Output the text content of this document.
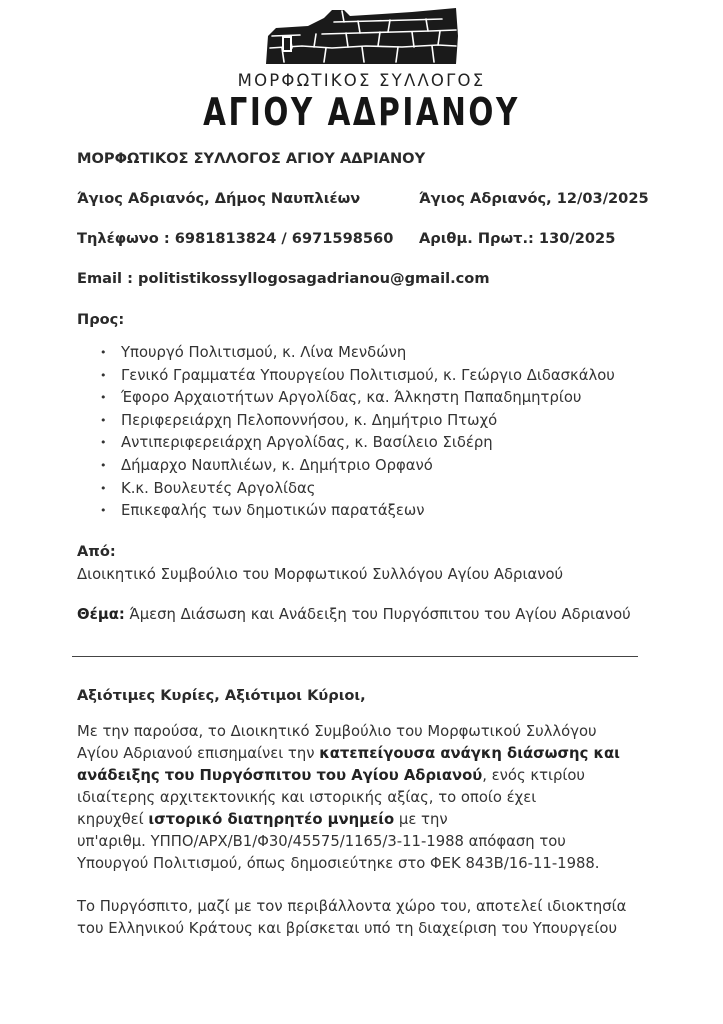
ΜΟΡΦΩΤΙΚΟΣ ΣΥΛΛΟΓΟΣ
ΑΓΙΟΥ ΑΔΡΙΑΝΟΥ
ΜΟΡΦΩΤΙΚΟΣ ΣΥΛΛΟΓΟΣ ΑΓΙΟΥ ΑΔΡΙΑΝΟΥ
Άγιος Αδριανός, Δήμος Ναυπλιέων	Άγιος Αδριανός, 12/03/2025
Τηλέφωνο : 6981813824 / 6971598560 Αριθμ. Πρωτ.: 130/2025
Email : politistikossyllogosagadrianou@gmail.com
Προς:
• Υπουργό Πολιτισμού, κ. Λίνα Μενδώνη
• Γενικό Γραμματέα Υπουργείου Πολιτισμού, κ. Γεώργιο Διδασκάλου
• Έφορο Αρχαιοτήτων Αργολίδας, κα. Άλκηστη Παπαδημητρίου
• Περιφερειάρχη Πελοποννήσου, κ. Δημήτριο Πτωχό
• Αντιπεριφερειάρχη Αργολίδας, κ. Βασίλειο Σιδέρη
• Δήμαρχο Ναυπλιέων, κ. Δημήτριο Ορφανό
• Κ.κ. Βουλευτές Αργολίδας
• Επικεφαλής των δημοτικών παρατάξεων
Από:
Διοικητικό Συμβούλιο του Μορφωτικού Συλλόγου Αγίου Αδριανού
Θέμα: Άμεση Διάσωση και Ανάδειξη του Πυργόσπιτου του Αγίου Αδριανού
Αξιότιμες Κυρίες, Αξιότιμοι Κύριοι,
Με την παρούσα, το Διοικητικό Συμβούλιο του Μορφωτικού Συλλόγου
Αγίου Αδριανού επισημαίνει την κατεπείγουσα ανάγκη διάσωσης και
ανάδειξης του Πυργόσπιτου του Αγίου Αδριανού, ενός κτιρίου
ιδιαίτερης αρχιτεκτονικής και ιστορικής αξίας, το οποίο έχει
κηρυχθεί ιστορικό διατηρητέο μνημείο με την
υπ'αριθμ. ΥΠΠΟ/ΑΡΧ/Β1/Φ30/45575/1165/3-11-1988 απόφαση του
Υπουργού Πολιτισμού, όπως δημοσιεύτηκε στο ΦΕΚ 843Β/16-11-1988.
Το Πυργόσπιτο, μαζί με τον περιβάλλοντα χώρο του, αποτελεί ιδιοκτησία
του Ελληνικού Κράτους και βρίσκεται υπό τη διαχείριση του Υπουργείου
